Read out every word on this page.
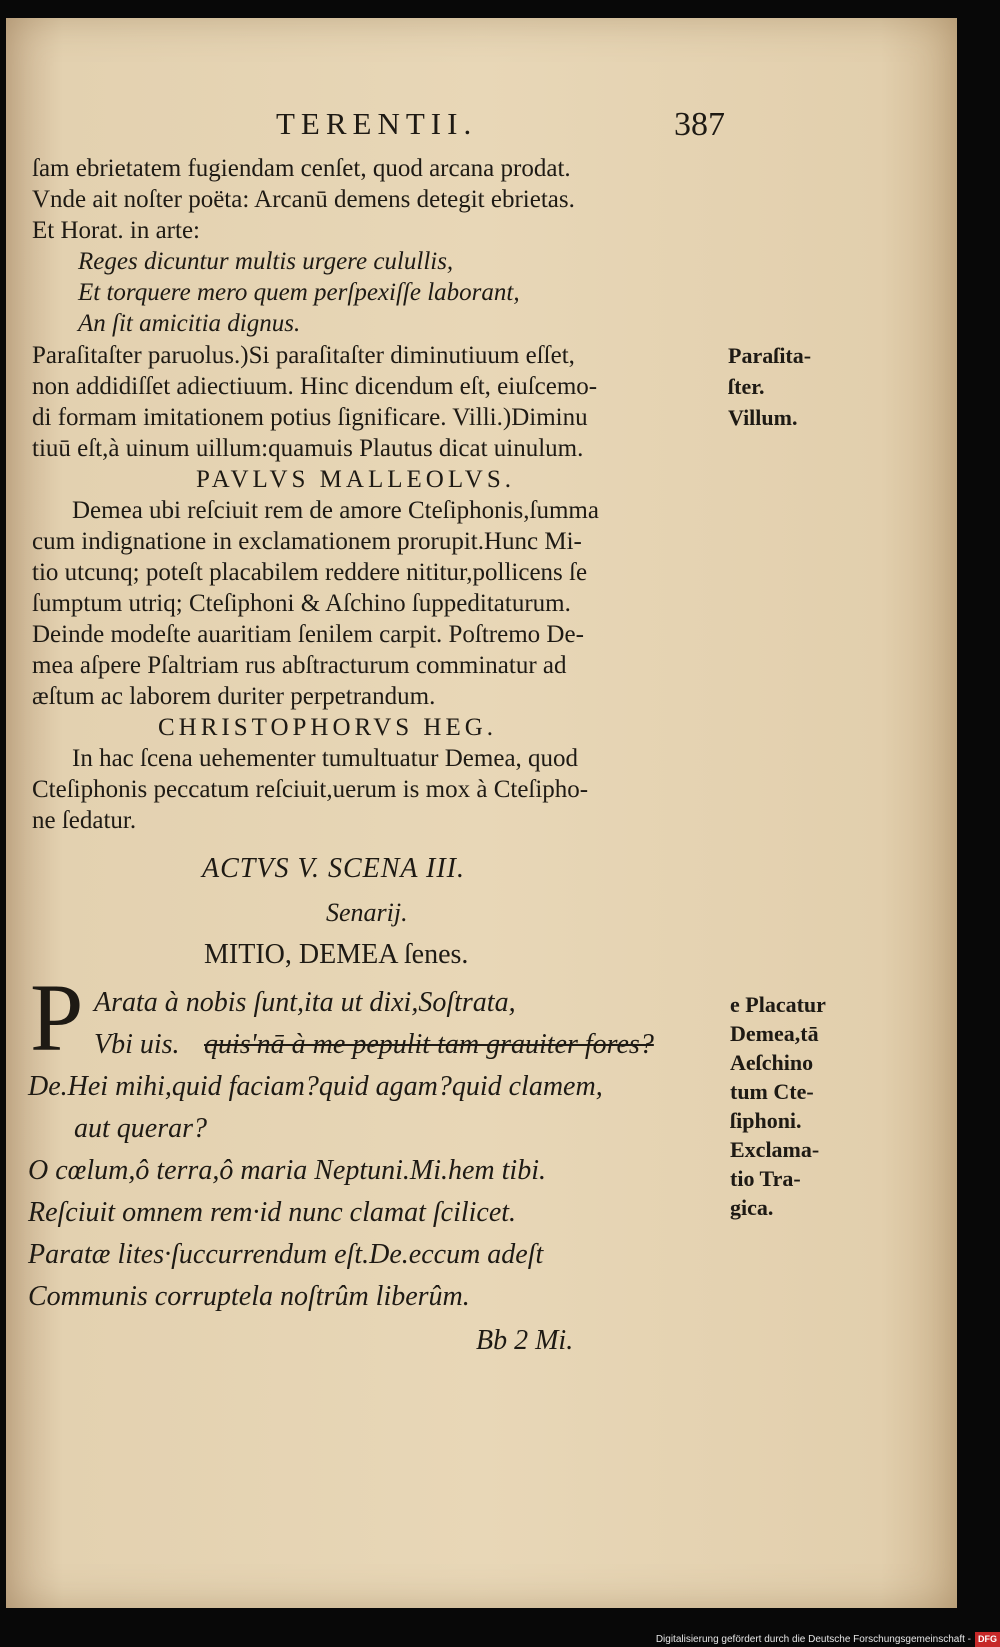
TERENTII.	387
ſam ebrietatem fugiendam cenſet, quod arcana prodat.
Vnde ait noſter poëta: Arcanū demens detegit ebrietas.
Et Horat. in arte:
Reges dicuntur multis urgere culullis,
Et torquere mero quem perſpexiſſe laborant,
An ſit amicitia dignus.
Paraſitaſter paruolus.)Si paraſitaſter diminutiuum eſſet,
non addidiſſet adiectiuum. Hinc dicendum eſt, eiuſcemo-
di formam imitationem potius ſignificare. Villi.)Diminu
tiuū eſt,à uinum uillum:quamuis Plautus dicat uinulum.
Paraſita-
ſter.
Villum.
PAVLVS MALLEOLVS.
Demea ubi reſciuit rem de amore Cteſiphonis,ſumma
cum indignatione in exclamationem prorupit.Hunc Mi-
tio utcunq; poteſt placabilem reddere nititur,pollicens ſe
ſumptum utriq; Cteſiphoni & Aſchino ſuppeditaturum.
Deinde modeſte auaritiam ſenilem carpit. Poſtremo De-
mea aſpere Pſaltriam rus abſtracturum comminatur ad
æſtum ac laborem duriter perpetrandum.
CHRISTOPHORVS HEG.
In hac ſcena uehementer tumultuatur Demea, quod
Cteſiphonis peccatum reſciuit,uerum is mox à Cteſipho-
ne ſedatur.
ACTVS V. SCENA III.
Senarij.
MITIO, DEMEA ſenes.
P Arata à nobis ſunt,ita ut dixi,Soſtrata,
Vbi uis. quis'nā à me pepulit tam grauiter fores?
De.Hei mihi,quid faciam?quid agam?quid clamem,
aut querar?
O cœlum,ô terra,ô maria Neptuni.Mi.hem tibi.
Reſciuit omnem rem·id nunc clamat ſcilicet.
Paratæ lites·ſuccurrendum eſt.De.eccum adeſt
Communis corruptela noſtrûm liberûm.
Bb 2 Mi.
e Placatur
Demea,tā
Aeſchino
tum Cte-
ſiphoni.
Exclama-
tio Tra-
gica.
Digitalisierung gefördert durch die Deutsche Forschungsgemeinschaft - DFG
